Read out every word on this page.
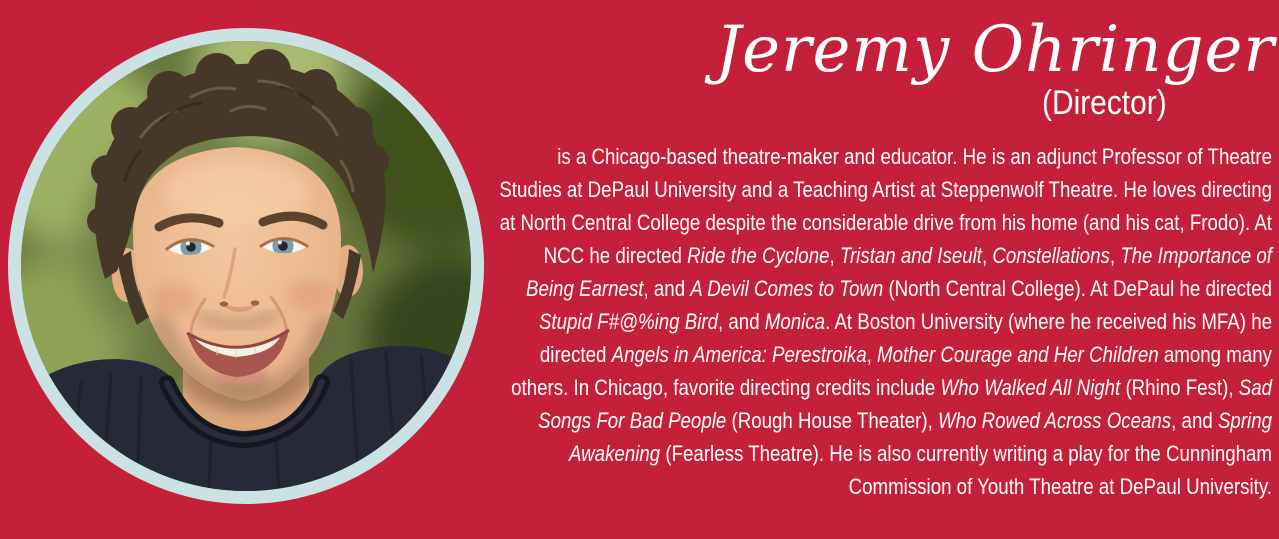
Jeremy Ohringer
(Director)

is a Chicago-based theatre-maker and educator. He is an adjunct Professor of Theatre Studies at DePaul University and a Teaching Artist at Steppenwolf Theatre. He loves directing at North Central College despite the considerable drive from his home (and his cat, Frodo). At NCC he directed Ride the Cyclone, Tristan and Iseult, Constellations, The Importance of Being Earnest, and A Devil Comes to Town (North Central College). At DePaul he directed Stupid F#@%ing Bird, and Monica. At Boston University (where he received his MFA) he directed Angels in America: Perestroika, Mother Courage and Her Children among many others. In Chicago, favorite directing credits include Who Walked All Night (Rhino Fest), Sad Songs For Bad People (Rough House Theater), Who Rowed Across Oceans, and Spring Awakening (Fearless Theatre). He is also currently writing a play for the Cunningham Commission of Youth Theatre at DePaul University.
